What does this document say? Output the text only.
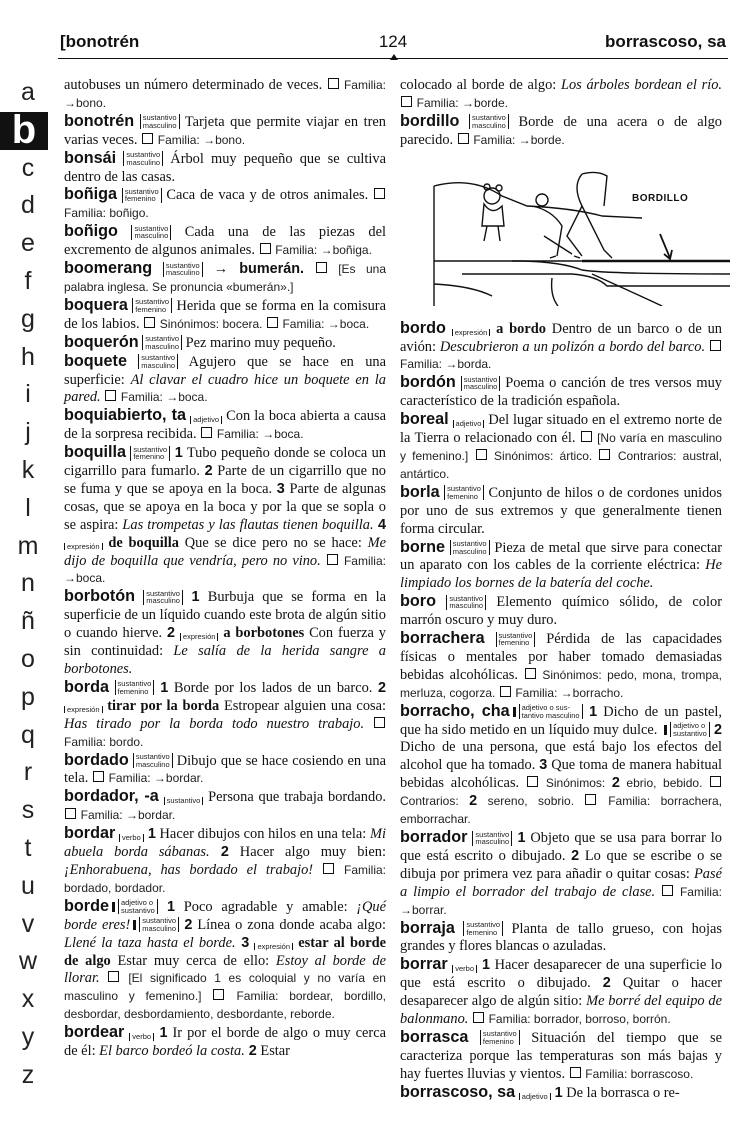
[bonotrén	124	borrascoso, sa
a
b
c
d
e
f
g
h
i
j
k
l
m
n
ñ
o
p
q
r
s
t
u
v
w
x
y
z

autobuses un número determinado de veces.  Familia: →bono.

bonotrén sustantivo
masculino Tarjeta que permite viajar en tren varias veces.  Familia: →bono.

bonsái sustantivo
masculino Árbol muy pequeño que se cultiva dentro de las casas.

boñiga sustantivo
femenino Caca de vaca y de otros animales.  Familia: boñigo.

boñigo sustantivo
masculino Cada una de las piezas del excremento de algunos animales.  Familia: →boñiga.

boomerang sustantivo
masculino → bumerán.  [Es una palabra inglesa. Se pronuncia «bumerán».]

boquera sustantivo
femenino Herida que se forma en la comisura de los labios.  Sinónimos: bocera.  Familia: →boca.

boquerón sustantivo
masculino Pez marino muy pequeño.

boquete sustantivo
masculino Agujero que se hace en una superficie: Al clavar el cuadro hice un boquete en la pared. Familia: →boca.

boquiabierto, ta adjetivo Con la boca abierta a causa de la sorpresa recibida.  Familia: →boca.

boquilla sustantivo
femenino 1 Tubo pequeño donde se coloca un cigarrillo para fumarlo. 2 Parte de un cigarrillo que no se fuma y que se apoya en la boca. 3 Parte de algunas cosas, que se apoya en la boca y por la que se sopla o se aspira: Las trompetas y las flautas tienen boquilla. 4 expresión de boquilla Que se dice pero no se hace: Me dijo de boquilla que vendría, pero no vino. Familia: →boca.

borbotón sustantivo
masculino 1 Burbuja que se forma en la superficie de un líquido cuando este brota de algún sitio o cuando hierve. 2 expresión a borbotones Con fuerza y sin continuidad: Le salía de la herida sangre a borbotones.

borda sustantivo
femenino 1 Borde por los lados de un barco. 2 expresión tirar por la borda Estropear alguien una cosa: Has tirado por la borda todo nuestro trabajo.  Familia: bordo.

bordado sustantivo
masculino Dibujo que se hace cosiendo en una tela.  Familia: →bordar.

bordador, -a sustantivo Persona que trabaja bordando.  Familia: →bordar.

bordar verbo 1 Hacer dibujos con hilos en una tela: Mi abuela borda sábanas. 2 Hacer algo muy bien: ¡Enhorabuena, has bordado el trabajo!	Familia: bordado, bordador.

borde adjetivo o
sustantivo 1 Poco agradable y amable: ¡Qué borde eres! sustantivo
masculino 2 Línea o zona donde acaba algo: Llené la taza hasta el borde. 3 expresión estar al borde de algo Estar muy cerca de ello: Estoy al borde de llorar. [El significado 1 es coloquial y no varía en masculino y femenino.]	Familia: bordear, bordillo, desbordar, desbordamiento, desbordante, reborde.

bordear verbo 1 Ir por el borde de algo o muy cerca de él: El barco bordeó la costa. 2 Estar

colocado al borde de algo: Los árboles bordean el río.  Familia: →borde.

bordillo sustantivo
masculino Borde de una acera o de algo parecido.  Familia: →borde.

BORDILLO

bordo expresión a bordo Dentro de un barco o de un avión: Descubrieron a un polizón a bordo del barco.  Familia: →borda.

bordón sustantivo
masculino Poema o canción de tres versos muy característico de la tradición española.

boreal adjetivo Del lugar situado en el extremo norte de la Tierra o relacionado con él.  [No varía en masculino y femenino.] Sinónimos: ártico.  Contrarios: austral, antártico.

borla sustantivo
femenino Conjunto de hilos o de cordones unidos por uno de sus extremos y que generalmente tienen forma circular.

borne sustantivo
masculino Pieza de metal que sirve para conectar un aparato con los cables de la corriente eléctrica: He limpiado los bornes de la batería del coche.

boro sustantivo
masculino Elemento químico sólido, de color marrón oscuro y muy duro.

borrachera sustantivo
femenino Pérdida de las capacidades físicas o mentales por haber tomado demasiadas bebidas alcohólicas.  Sinónimos: pedo, mona, trompa, merluza, cogorza.  Familia: →borracho.

borracho, cha adjetivo o sus-
tantivo masculino 1 Dicho de un pastel, que ha sido metido en un líquido muy dulce. adjetivo o
sustantivo 2 Dicho de una persona, que está bajo los efectos del alcohol que ha tomado. 3 Que toma de manera habitual bebidas alcohólicas.  Sinónimos: 2 ebrio, bebido.  Contrarios: 2 sereno, sobrio.  Familia: borrachera, emborrachar.

borrador sustantivo
masculino 1 Objeto que se usa para borrar lo que está escrito o dibujado. 2 Lo que se escribe o se dibuja por primera vez para añadir o quitar cosas: Pasé a limpio el borrador del trabajo de clase. Familia: →borrar.

borraja sustantivo
femenino Planta de tallo grueso, con hojas grandes y flores blancas o azuladas.

borrar verbo 1 Hacer desaparecer de una superficie lo que está escrito o dibujado. 2 Quitar o hacer desaparecer algo de algún sitio: Me borré del equipo de balonmano. Familia: borrador, borroso, borrón.

borrasca sustantivo
femenino Situación del tiempo que se caracteriza porque las temperaturas son más bajas y hay fuertes lluvias y vientos.  Familia: borrascoso.

borrascoso, sa adjetivo 1 De la borrasca o re-
